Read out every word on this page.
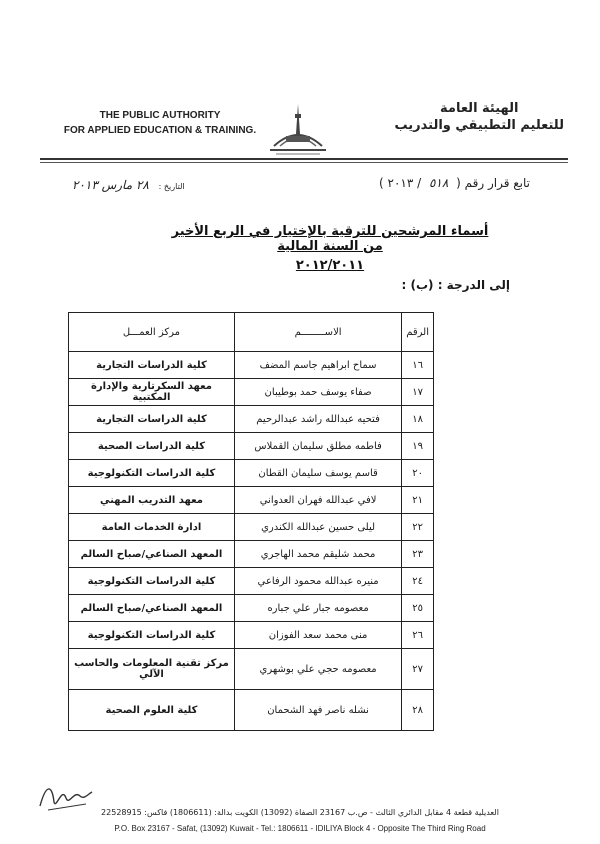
THE PUBLIC AUTHORITY
FOR APPLIED EDUCATION & TRAINING.
الهيئة العامة
للتعليم التطبيقي والتدريب
تابع قرار رقم ( ٥١٨ / ٢٠١٣ )
التاريخ : ٢٨ مارس ٢٠١٣
أسماء المرشحين للترقية بالإختيار في الربع الأخير من السنة المالية
٢٠١٢/٢٠١١
إلى الدرجة : (ب) :
الرقم	الاســــــــم	مركز العمـــل
١٦	سماح ابراهيم جاسم المضف	كلية الدراسات التجارية
١٧	صفاء يوسف حمد بوطيبان	معهد السكرتارية والإدارة المكتبية
١٨	فتحيه عبدالله راشد عبدالرحيم	كلية الدراسات التجارية
١٩	فاطمه مطلق سليمان القملاس	كلية الدراسات الصحية
٢٠	قاسم يوسف سليمان القطان	كلية الدراسات التكنولوجية
٢١	لافي عبدالله فهران العدواني	معهد التدريب المهني
٢٢	ليلى حسين عبدالله الكندري	ادارة الخدمات العامة
٢٣	محمد شليقم محمد الهاجري	المعهد الصناعي/صباح السالم
٢٤	منيره عبدالله محمود الرفاعي	كلية الدراسات التكنولوجية
٢٥	معصومه جبار علي جباره	المعهد الصناعي/صباح السالم
٢٦	منى محمد سعد الفوزان	كلية الدراسات التكنولوجية
٢٧	معصومه حجي علي بوشهري	مركز تقنية المعلومات والحاسب الآلي
٢٨	نشله ناصر فهد الشحمان	كلية العلوم الصحية
العديلية قطعة 4 مقابل الدائري الثالث - ص.ب 23167 الصفاة (13092) الكويت بدالة: (1806611) فاكس: 22528915
P.O. Box 23167 - Safat, (13092) Kuwait - Tel.: 1806611 - IDILIYA Block 4 - Opposite The Third Ring Road
